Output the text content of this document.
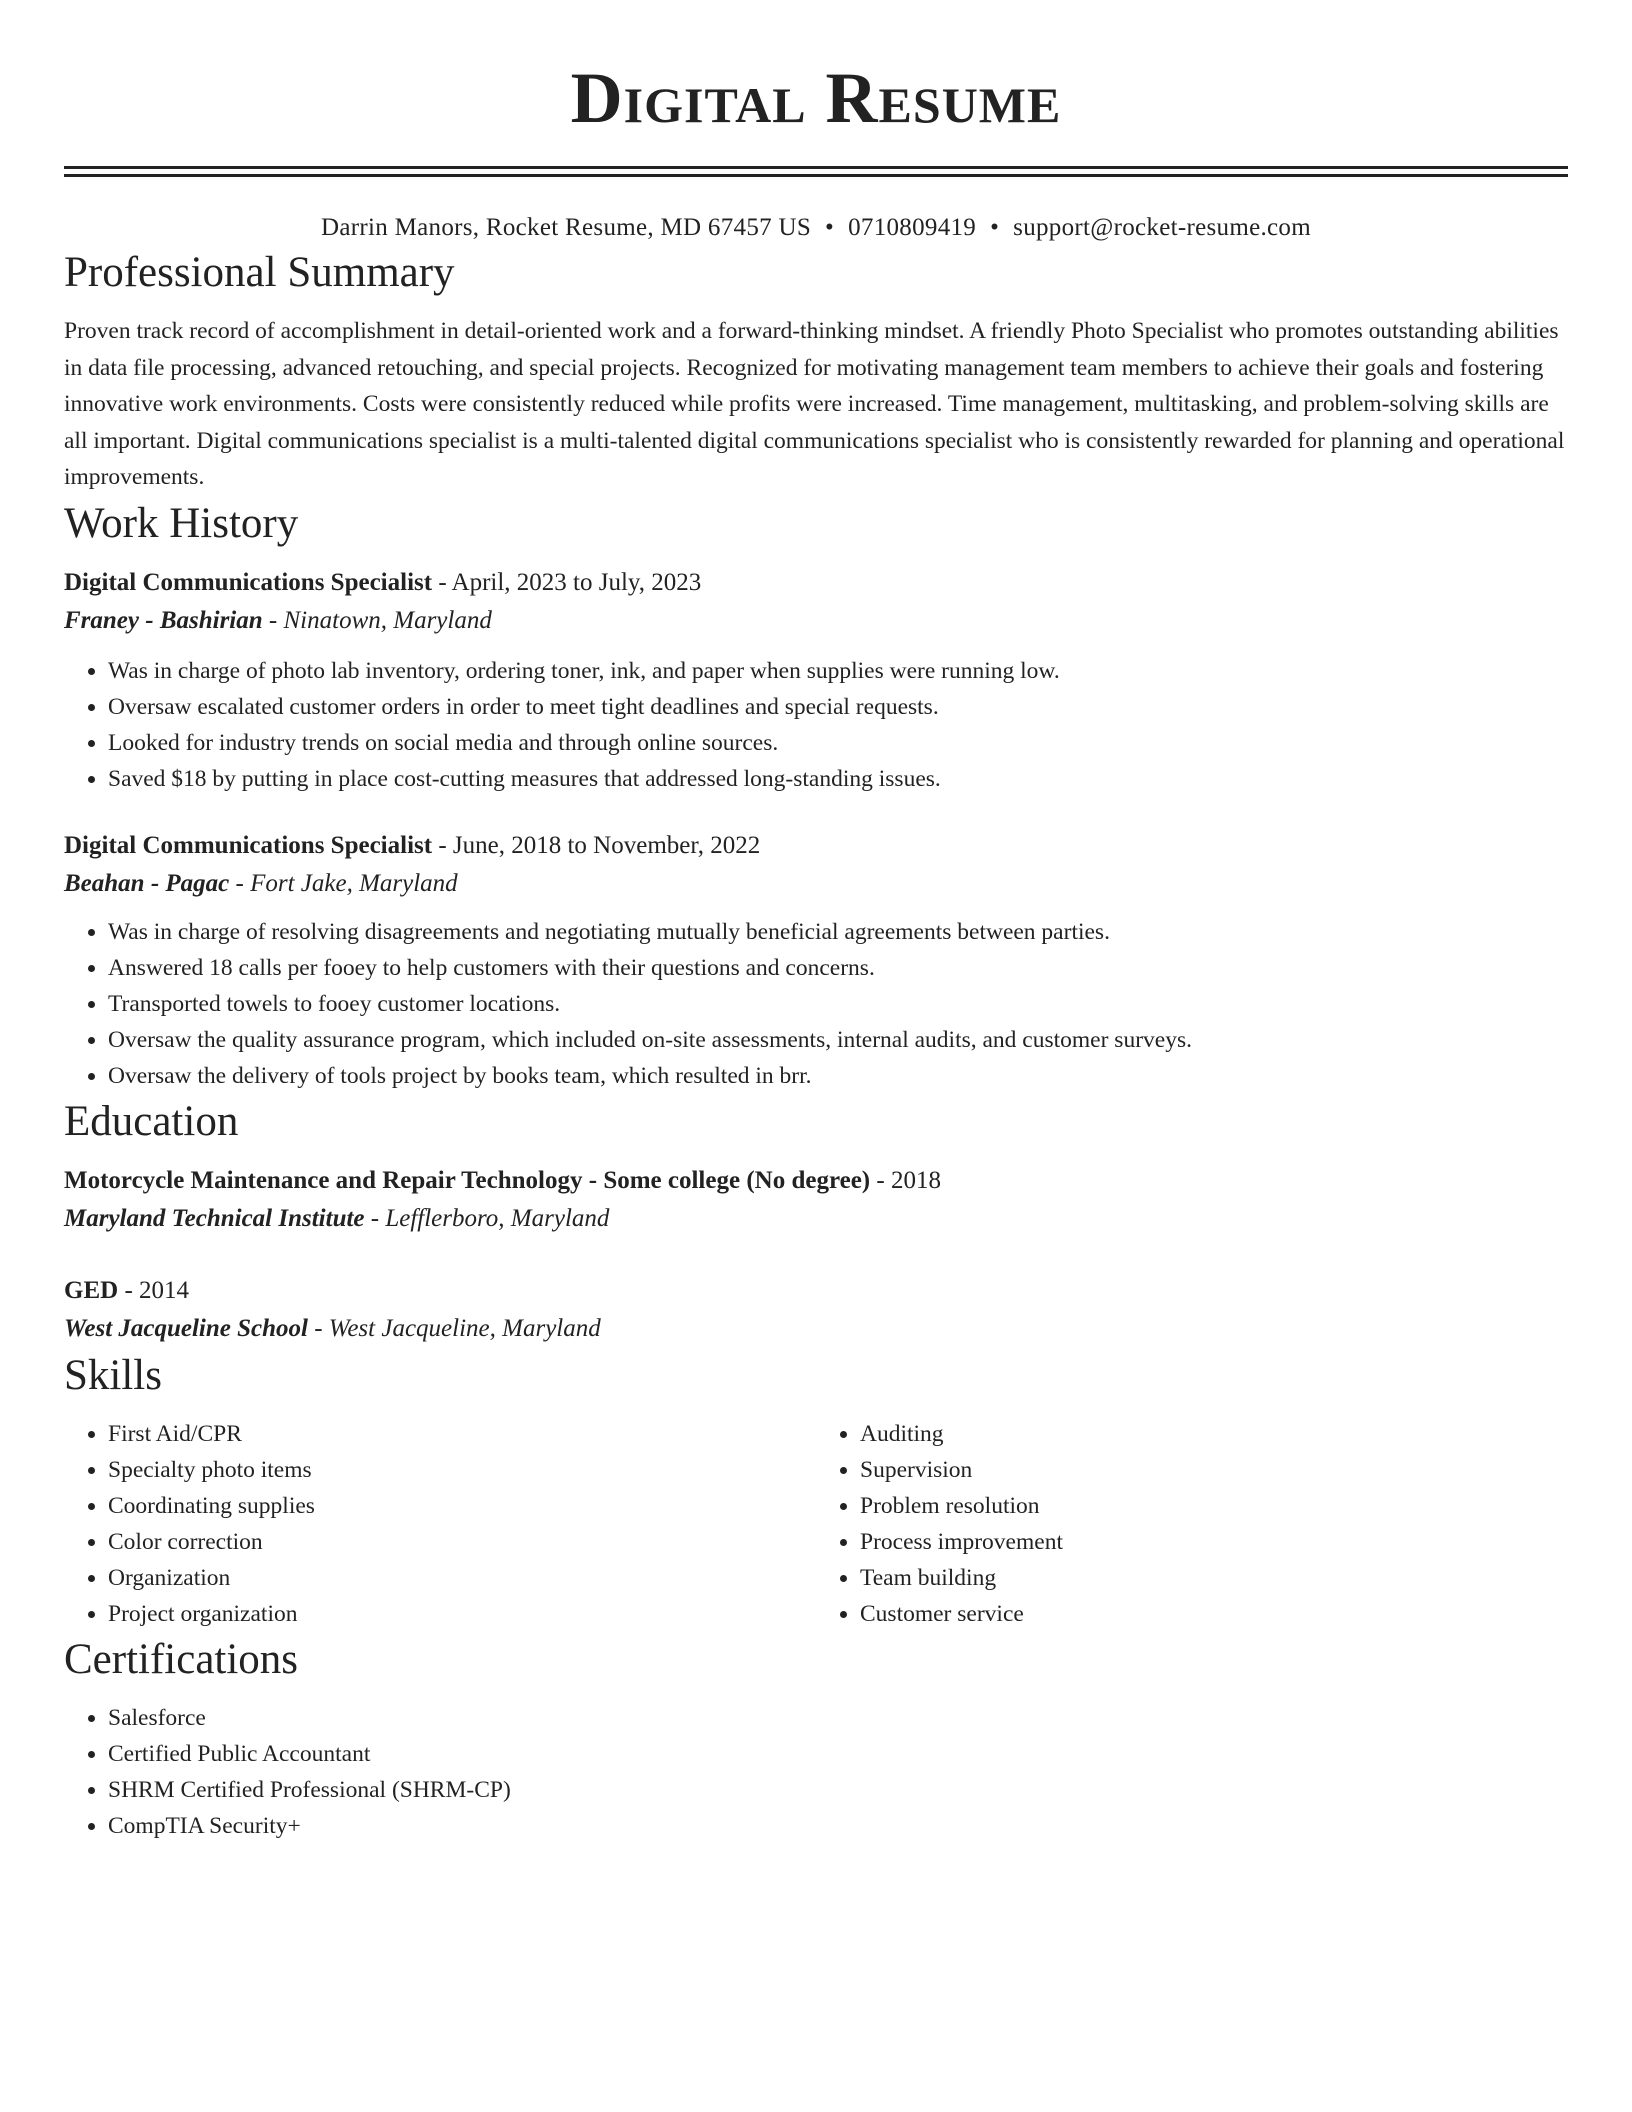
Digital Resume
Darrin Manors, Rocket Resume, MD 67457 US • 0710809419 • support@rocket-resume.com
Professional Summary

Proven track record of accomplishment in detail-oriented work and a forward-thinking mindset. A friendly Photo Specialist who promotes outstanding abilities in data file processing, advanced retouching, and special projects. Recognized for motivating management team members to achieve their goals and fostering innovative work environments. Costs were consistently reduced while profits were increased. Time management, multitasking, and problem-solving skills are all important. Digital communications specialist is a multi-talented digital communications specialist who is consistently rewarded for planning and operational improvements.

Work History
Digital Communications Specialist - April, 2023 to July, 2023
Franey - Bashirian - Ninatown, Maryland
• Was in charge of photo lab inventory, ordering toner, ink, and paper when supplies were running low.
• Oversaw escalated customer orders in order to meet tight deadlines and special requests.
• Looked for industry trends on social media and through online sources.
• Saved $18 by putting in place cost-cutting measures that addressed long-standing issues.
Digital Communications Specialist - June, 2018 to November, 2022
Beahan - Pagac - Fort Jake, Maryland
• Was in charge of resolving disagreements and negotiating mutually beneficial agreements between parties.
• Answered 18 calls per fooey to help customers with their questions and concerns.
• Transported towels to fooey customer locations.
• Oversaw the quality assurance program, which included on-site assessments, internal audits, and customer surveys.
• Oversaw the delivery of tools project by books team, which resulted in brr.
Education
Motorcycle Maintenance and Repair Technology - Some college (No degree) - 2018
Maryland Technical Institute - Lefflerboro, Maryland
GED - 2014
West Jacqueline School - West Jacqueline, Maryland
Skills
• First Aid/CPR
• Specialty photo items
• Coordinating supplies
• Color correction
• Organization
• Project organization
• Auditing
• Supervision
• Problem resolution
• Process improvement
• Team building
• Customer service
Certifications
• Salesforce
• Certified Public Accountant
• SHRM Certified Professional (SHRM-CP)
• CompTIA Security+
